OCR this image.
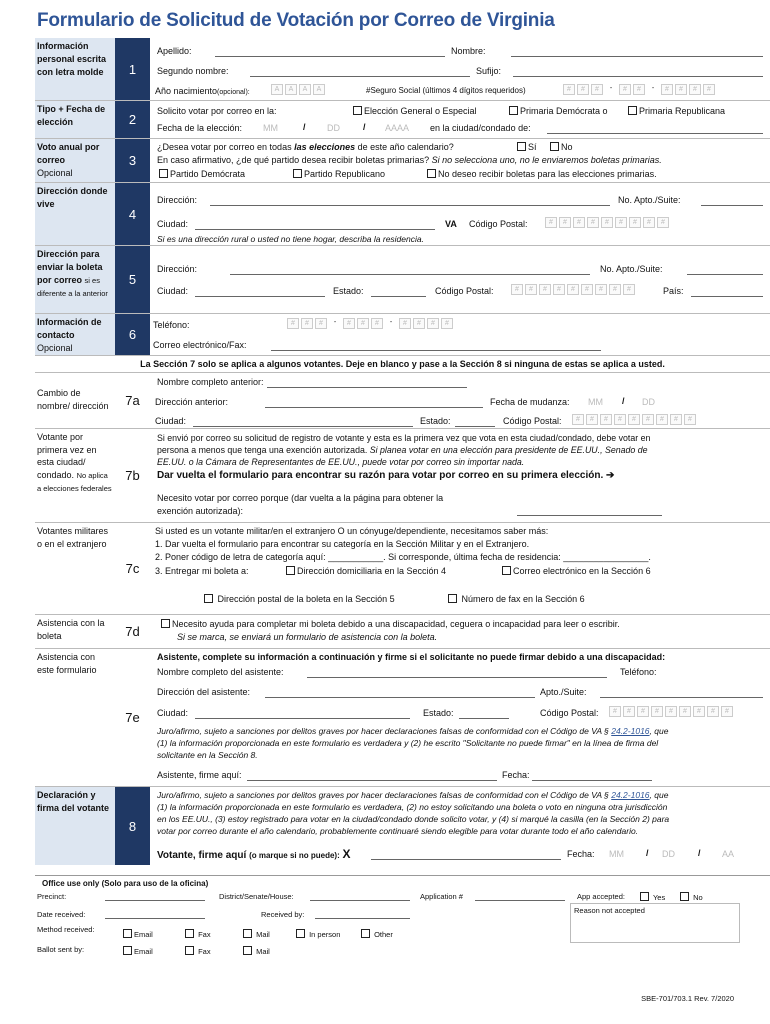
Formulario de Solicitud de Votación por Correo de Virginia
Información personal escrita con letra molde	1
Apellido:	Nombre:
Segundo nombre:	Sufijo:
Año nacimiento(opcional):	A	A	A	A	#Seguro Social (últimos 4 dígitos requeridos)	#	#	#	-	#	#	-	#	#	#	#
Tipo + Fecha de elección	2
Solicito votar por correo en la:	Elección General o Especial	Primaria Demócrata o	Primaria Republicana
Fecha de la elección: MM	/ DD	/ AAAA en la ciudad/condado de:
Voto anual por correo
Opcional
3
¿Desea votar por correo en todas las elecciones de este año calendario?	Sí	No
En caso afirmativo, ¿de qué partido desea recibir boletas primarias? Si no selecciona uno, no le enviaremos boletas primarias.
Partido Demócrata	Partido Republicano	No deseo recibir boletas para las elecciones primarias.
Dirección donde vive
4
Dirección:	No. Apto./Suite:
Ciudad:	VA Código Postal:	#	#	#	#	#	#	#	#	#
Si es una dirección rural o usted no tiene hogar, describa la residencia.
Dirección para enviar la boleta por correo si es diferente a la anterior
5
Dirección:	No. Apto./Suite:
Ciudad:	Estado:	Código Postal:	#	#	#	#	#	#	#	#	#	País:
Información de contacto
Opcional
6
Teléfono:	#	#	#	-	#	#	#	-	#	#	#	#
Correo electrónico/Fax:
La Sección 7 solo se aplica a algunos votantes. Deje en blanco y pase a la Sección 8 si ninguna de estas se aplica a usted.
Cambio de nombre/ dirección	7a
Nombre completo anterior:
Dirección anterior:	Fecha de mudanza: MM / DD
Ciudad:	Estado:	Código Postal:	#	#	#	#	#	#	#	#	#
Votante por primera vez en esta ciudad/ condado. No aplica a elecciones federales
7b
Si envió por correo su solicitud de registro de votante y esta es la primera vez que vota en esta ciudad/condado, debe votar en
persona a menos que tenga una exención autorizada. Si planea votar en una elección para presidente de EE.UU., Senado de
EE.UU. o la Cámara de Representantes de EE.UU., puede votar por correo sin importar nada.
Dar vuelta el formulario para encontrar su razón para votar por correo en su primera elección. ➔
Necesito votar por correo porque (dar vuelta a la página para obtener la
exención autorizada):
Votantes militares o en el extranjero
7c
Si usted es un votante militar/en el extranjero O un cónyuge/dependiente, necesitamos saber más:
1. Dar vuelta el formulario para encontrar su categoría en la Sección Militar y en el Extranjero.
2. Poner código de letra de categoría aquí: ___________. Si corresponde, última fecha de residencia: _________________.
3. Entregar mi boleta a:	Dirección domiciliaria en la Sección 4	Correo electrónico en la Sección 6
Dirección postal de la boleta en la Sección 5	Número de fax en la Sección 6
Asistencia con la boleta	7d	Necesito ayuda para completar mi boleta debido a una discapacidad, ceguera o incapacidad para leer o escribir.
Si se marca, se enviará un formulario de asistencia con la boleta.
Asistencia con este formulario
7e
Asistente, complete su información a continuación y firme si el solicitante no puede firmar debido a una discapacidad:
Nombre completo del asistente:	Teléfono:
Dirección del asistente:	Apto./Suite:
Ciudad:	Estado:	Código Postal:	#	#	#	#	#	#	#	#	#
Juro/afirmo, sujeto a sanciones por delitos graves por hacer declaraciones falsas de conformidad con el Código de VA § 24.2-1016, que
(1) la información proporcionada en este formulario es verdadera y (2) he escrito "Solicitante no puede firmar" en la línea de firma del
solicitante en la Sección 8.
Asistente, firme aquí:	Fecha:
Declaración y firma del votante
8
Juro/afirmo, sujeto a sanciones por delitos graves por hacer declaraciones falsas de conformidad con el Código de VA § 24.2-1016, que
(1) la información proporcionada en este formulario es verdadera, (2) no estoy solicitando una boleta o voto en ninguna otra jurisdicción
en los EE.UU., (3) estoy registrado para votar en la ciudad/condado donde solicito votar, y (4) si marqué la casilla (en la Sección 2) para
votar por correo durante el año calendario, probablemente continuaré siendo elegible para votar durante todo el año calendario.
Votante, firme aquí (o marque si no puede): X	Fecha: MM / DD	/ AA
Office use only (Solo para uso de la oficina)
Precinct:	District/Senate/House:	Application #	App accepted:	Yes	No
Date received:	Received by:	Reason not accepted
Method received:
Email	Fax	Mail	In person	Other
Ballot sent by:	Email	Fax	Mail
SBE-701/703.1 Rev. 7/2020
